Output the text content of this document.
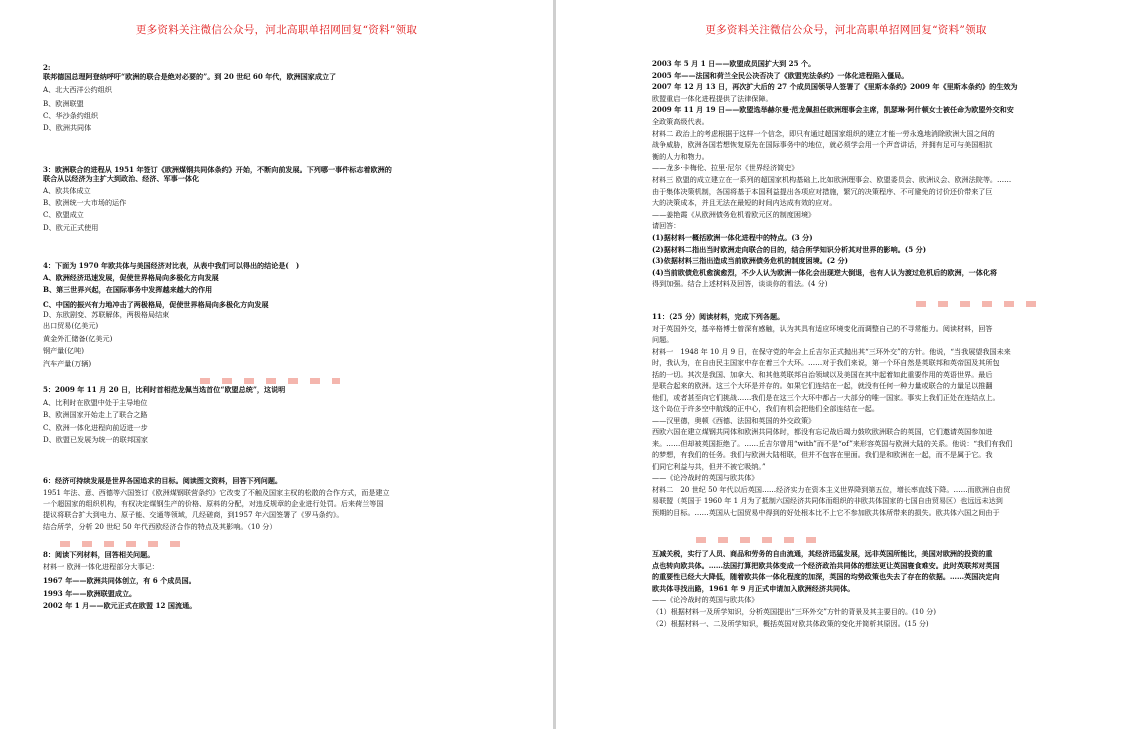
更多资料关注微信公众号，河北高职单招网回复“资料”领取
2:
联邦德国总理阿登纳呼吁“欧洲的联合是绝对必要的”。到 20 世纪 60 年代，欧洲国家成立了
A、北大西洋公约组织
B、欧洲联盟
C、华沙条约组织
D、欧洲共同体
3：欧洲联合的进程从 1951 年签订《欧洲煤钢共同体条约》开始，不断向前发展。下列哪一事件标志着欧洲的
联合从以经济为主扩大到政治、经济、军事一体化
A、欧共体成立
B、欧洲统一大市场的运作
C、欧盟成立
D、欧元正式使用
4：下面为 1970 年欧共体与美国经济对比表，从表中我们可以得出的结论是(　)
A、欧洲经济迅速发展，促使世界格局向多极化方向发展
B、第三世界兴起，在国际事务中发挥越来越大的作用
C、中国的振兴有力地冲击了两极格局，促使世界格局向多极化方向发展
D、东欧剧变、苏联解体，两极格局结束
出口贸易(亿美元)
黄金外汇储备(亿美元)
钢产量(亿吨)
汽车产量(万辆)
5：2009 年 11 月 20 日，比利时首相范龙佩当选首位“欧盟总统”，这说明
A、比利时在欧盟中处于主导地位
B、欧洲国家开始走上了联合之路
C、欧洲一体化进程向前迈进一步
D、欧盟已发展为统一的联邦国家
6：经济可持续发展是世界各国追求的目标。阅读图文资料，回答下列问题。
1951 年法、意、西德等六国签订《欧洲煤钢联营条约》它改变了不触及国家主权的松散的合作方式，而是建立
一个超国家的组织机构，有权决定煤钢生产的价格、原料的分配，对违反规章的企业进行处罚。后来荷兰等国
提议将联合扩大到电力、原子能、交通等领域，几经磋商，到1957 年六国签署了《罗马条约》。
结合所学，分析 20 世纪 50 年代西欧经济合作的特点及其影响。（10 分）
8：阅读下列材料，回答相关问题。
材料一 欧洲一体化进程部分大事记：
1967 年——欧洲共同体创立，有 6 个成员国。
1993 年——欧洲联盟成立。
2002 年 1 月——欧元正式在欧盟 12 国流通。
更多资料关注微信公众号，河北高职单招网回复“资料”领取
2003 年 5 月 1 日——欧盟成员国扩大到 25 个。
2005 年——法国和荷兰全民公决否决了《欧盟宪法条约》一体化进程陷入僵局。
2007 年 12 月 13 日，再次扩大后的 27 个成员国领导人签署了《里斯本条约》2009 年《里斯本条约》的生效为
欧盟重启一体化进程提供了法律保障。
2009 年 11 月 19 日——欧盟选举赫尔曼·范龙佩担任欧洲理事会主席，凯瑟琳·阿什顿女士被任命为欧盟外交和安
全政策高级代表。
材料二 政治上的考虑根据于这样一个信念，即只有通过超国家组织的建立才能一劳永逸地消除欧洲大国之间的
战争威胁，欧洲各国若想恢复原先在国际事务中的地位，就必须学会用一个声音讲话，并拥有足可与美国相抗
衡的人力和物力。
——龙多·卡梅伦、拉里·尼尔《世界经济简史》
材料三 欧盟的成立建立在一系列的超国家机构基础上,比如欧洲理事会、欧盟委员会、欧洲议会、欧洲法院等。……
由于集体决策机制，各国将基于本国利益提出各项应对措施，繁冗的决策程序、不可避免的讨价还价带来了巨
大的决策成本，并且无法在最短的时间内达成有效的应对。
——姜艳霞《从欧洲债务危机看欧元区的制度困境》
请回答：
(1)据材料一概括欧洲一体化进程中的特点。(3 分)
(2)据材料二指出当时欧洲走向联合的目的，结合所学知识分析其对世界的影响。(5 分)
(3)依据材料三指出造成当前欧洲债务危机的制度困境。(2 分)
(4)当前欧债危机愈演愈烈，不少人认为欧洲一体化会出现逆大倒退，也有人认为渡过危机后的欧洲，一体化将
得到加强。结合上述材料及回答，谈谈你的看法。(4 分)
11：（25 分）阅读材料，完成下列各题。
对于英国外交，基辛格博士曾深有感触，认为其具有适应环境变化而调整自己的不寻常能力。阅读材料，回答
问题。
材料一　1948 年 10 月 9 日，在保守党的年会上丘吉尔正式抛出其“三环外交”的方针。他说，“当我展望我国未来
时，我认为，在自由民主国家中存在着三个大环。……对于我们来说，第一个环自然是英联邦和英帝国及其所包
括的一切。其次是我国、加拿大、和其他英联邦自治领域以及美国在其中起着如此重要作用的英语世界。最后
是联合起来的欧洲。这三个大环是并存的。如果它们连结在一起，就没有任何一种力量或联合的力量足以推翻
他们，或者甚至向它们挑战……我们是在这三个大环中都占一大部分的唯一国家。事实上我们正处在连结点上。
这个岛位于许多空中航线的正中心，我们有机会把他们全部连结在一起。
——汉里德，奥顿《西德、法国和英国的外交政策》
西欧六国在建立煤钢共同体和欧洲共同体时，都没有忘记战后竭力鼓吹欧洲联合的英国，它们邀请英国参加进
来。……但却被英国拒绝了。……丘吉尔曾用“with”而不是“of”来形容英国与欧洲大陆的关系。他说：“我们有我们
的梦想，有我们的任务。我们与欧洲大陆相联，但并不包容在里面。我们是和欧洲在一起，而不是属于它。我
们同它利益与共，但并不被它吸纳。”
——《论冷战时的英国与欧共体》
材料二　20 世纪 50 年代以后英国……经济实力在资本主义世界降到第五位，增长率直线下降。……而欧洲自由贸
易联盟（英国于 1960 年 1 月为了抵制六国经济共同体而组织的非欧共体国家的七国自由贸易区）也远远未达到
预期的目标。……英国从七国贸易中得到的好处根本比不上它不参加欧共体所带来的损失。欧共体六国之间由于
互减关税，实行了人员、商品和劳务的自由流通，其经济迅猛发展，远非英国所能比，美国对欧洲的投资的重
点也转向欧共体。……法国打算把欧共体变成一个经济政治共同体的想法更让英国寝食难安。此时英联邦对英国
的重要性已经大大降低，随着欧共体一体化程度的加深，英国的均势政策也失去了存在的依据。……英国决定向
欧共体寻找出路，1961 年 9 月正式申请加入欧洲经济共同体。
——《论冷战时的英国与欧共体》
（1）根据材料一及所学知识，分析英国提出“三环外交”方针的背景及其主要目的。(10 分)
（2）根据材料一、二及所学知识，概括英国对欧共体政策的变化并简析其原因。(15 分)
